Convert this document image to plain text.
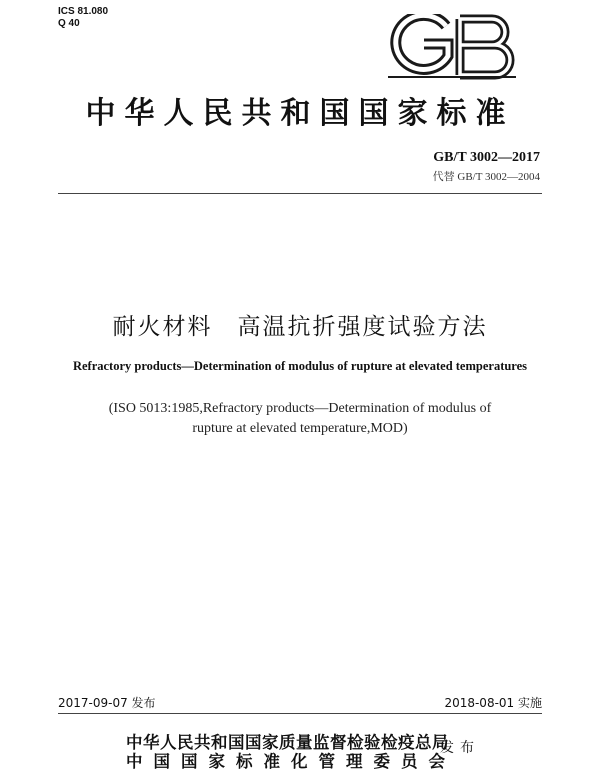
ICS 81.080
Q 40
中华人民共和国国家标准
GB/T 3002—2017
代替 GB/T 3002—2004
耐火材料　高温抗折强度试验方法
Refractory products—Determination of modulus of rupture at elevated temperatures
(ISO 5013:1985,Refractory products—Determination of modulus of
rupture at elevated temperature,MOD)
2017-09-07 发布	2018-08-01 实施
中华人民共和国国家质量监督检验检疫总局
中国国家标准化管理委员会
发布
